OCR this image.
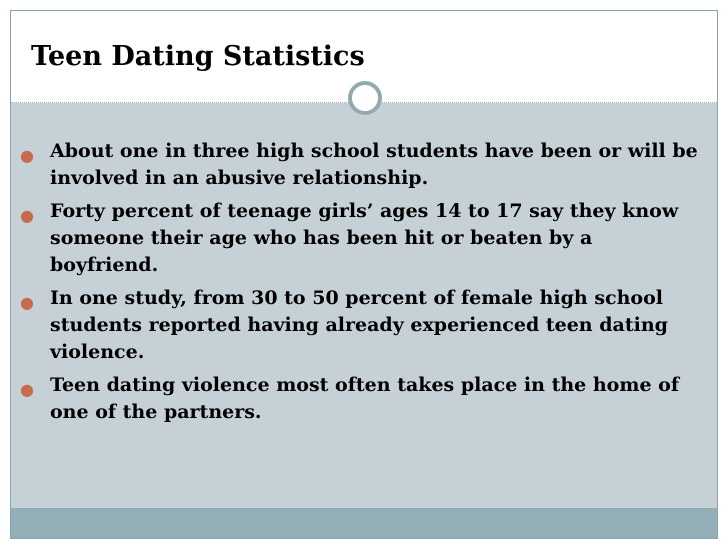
Teen Dating Statistics
● About one in three high school students have been or will be involved in an abusive relationship.
● Forty percent of teenage girls’ ages 14 to 17 say they know someone their age who has been hit or beaten by a boyfriend.
● In one study, from 30 to 50 percent of female high school students reported having already experienced teen dating violence.
● Teen dating violence most often takes place in the home of one of the partners.
